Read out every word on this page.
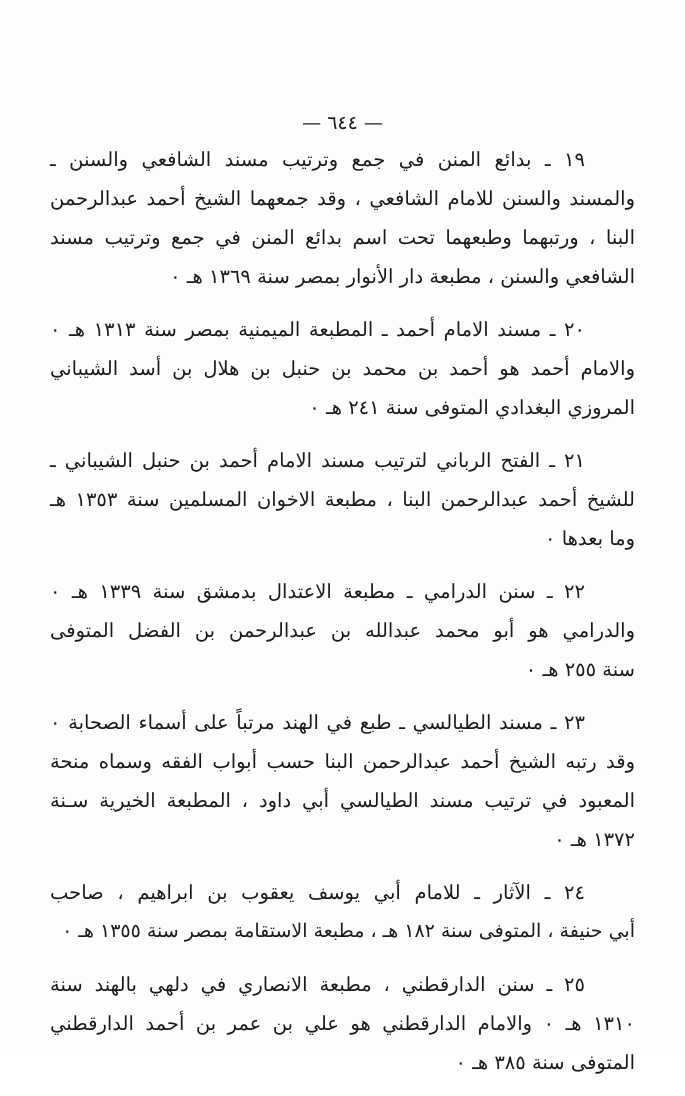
— ٦٤٤ —
١٩ ـ بدائع المنن في جمع وترتيب مسند الشافعي والسنن ـ
والمسند والسنن للامام الشافعي ، وقد جمعهما الشيخ أحمد عبدالرحمن
البنا ، ورتبهما وطبعهما تحت اسم بدائع المنن في جمع وترتيب مسند
الشافعي والسنن ، مطبعة دار الأنوار بمصر سنة ١٣٦٩ هـ ٠
٢٠ ـ مسند الامام أحمد ـ المطبعة الميمنية بمصر سنة ١٣١٣ هـ ٠
والامام أحمد هو أحمد بن محمد بن حنبل بن هلال بن أسد الشيباني
المروزي البغدادي المتوفى سنة ٢٤١ هـ ٠
٢١ ـ الفتح الرباني لترتيب مسند الامام أحمد بن حنبل الشيباني ـ
للشيخ أحمد عبدالرحمن البنا ، مطبعة الاخوان المسلمين سنة ١٣٥٣ هـ
وما بعدها ٠
٢٢ ـ سنن الدرامي ـ مطبعة الاعتدال بدمشق سنة ١٣٣٩ هـ ٠
والدرامي هو أبو محمد عبدالله بن عبدالرحمن بن الفضل المتوفى
سنة ٢٥٥ هـ ٠
٢٣ ـ مسند الطيالسي ـ طبع في الهند مرتباً على أسماء الصحابة ٠
وقد رتبه الشيخ أحمد عبدالرحمن البنا حسب أبواب الفقه وسماه منحة
المعبود في ترتيب مسند الطيالسي أبي داود ، المطبعة الخيرية سـنة
١٣٧٢ هـ ٠
٢٤ ـ الآثار ـ للامام أبي يوسف يعقوب بن ابراهيم ، صاحب
أبي حنيفة ، المتوفى سنة ١٨٢ هـ ، مطبعة الاستقامة بمصر سنة ١٣٥٥ هـ ٠
٢٥ ـ سنن الدارقطني ، مطبعة الانصاري في دلهي بالهند سنة
١٣١٠ هـ ٠ والامام الدارقطني هو علي بن عمر بن أحمد الدارقطني
المتوفى سنة ٣٨٥ هـ ٠
